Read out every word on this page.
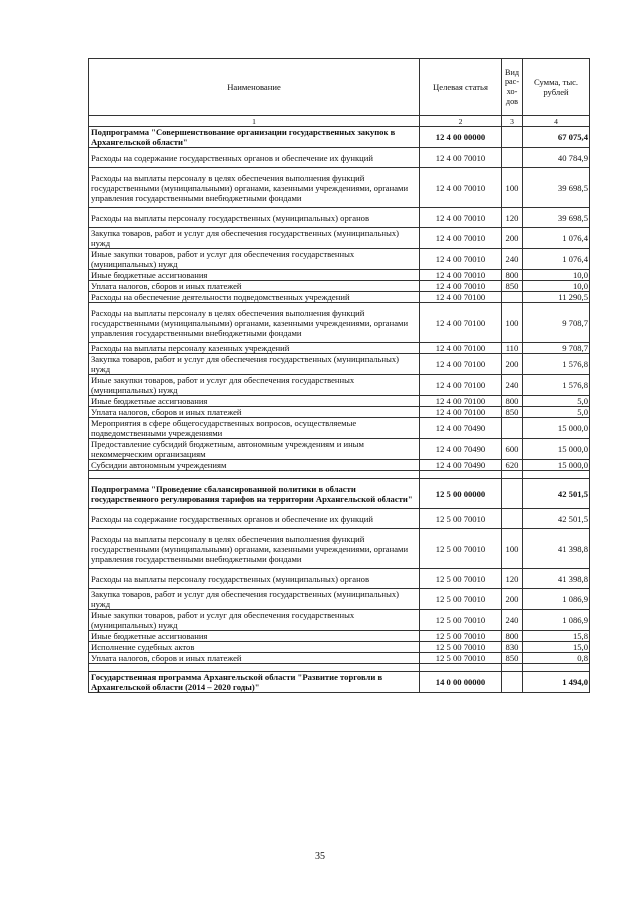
Наименование	Целевая статья	Вид рас-хо-дов	Сумма, тыс. рублей
1	2	3	4
Подпрограмма "Совершенствование организации государственных закупок в Архангельской области"	12 4 00 00000		67 075,4
Расходы на содержание государственных органов и обеспечение их функций	12 4 00 70010		40 784,9
Расходы на выплаты персоналу в целях обеспечения выполнения функций государственными (муниципальными) органами, казенными учреждениями, органами управления государственными внебюджетными фондами	12 4 00 70010	100	39 698,5
Расходы на выплаты персоналу государственных (муниципальных) органов	12 4 00 70010	120	39 698,5
Закупка товаров, работ и услуг для обеспечения государственных (муниципальных) нужд	12 4 00 70010	200	1 076,4
Иные закупки товаров, работ и услуг для обеспечения государственных (муниципальных) нужд	12 4 00 70010	240	1 076,4
Иные бюджетные ассигнования	12 4 00 70010	800	10,0
Уплата налогов, сборов и иных платежей	12 4 00 70010	850	10,0
Расходы на обеспечение деятельности подведомственных учреждений	12 4 00 70100		11 290,5
Расходы на выплаты персоналу в целях обеспечения выполнения функций государственными (муниципальными) органами, казенными учреждениями, органами управления государственными внебюджетными фондами	12 4 00 70100	100	9 708,7
Расходы на выплаты персоналу казенных учреждений	12 4 00 70100	110	9 708,7
Закупка товаров, работ и услуг для обеспечения государственных (муниципальных) нужд	12 4 00 70100	200	1 576,8
Иные закупки товаров, работ и услуг для обеспечения государственных (муниципальных) нужд	12 4 00 70100	240	1 576,8
Иные бюджетные ассигнования	12 4 00 70100	800	5,0
Уплата налогов, сборов и иных платежей	12 4 00 70100	850	5,0
Мероприятия в сфере общегосударственных вопросов, осуществляемые подведомственными учреждениями	12 4 00 70490		15 000,0
Предоставление субсидий бюджетным, автономным учреждениям и иным некоммерческим организациям	12 4 00 70490	600	15 000,0
Субсидии автономным учреждениям	12 4 00 70490	620	15 000,0

Подпрограмма "Проведение сбалансированной политики в области государственного регулирования тарифов на территории Архангельской области"	12 5 00 00000		42 501,5
Расходы на содержание государственных органов и обеспечение их функций	12 5 00 70010		42 501,5
Расходы на выплаты персоналу в целях обеспечения выполнения функций государственными (муниципальными) органами, казенными учреждениями, органами управления государственными внебюджетными фондами	12 5 00 70010	100	41 398,8
Расходы на выплаты персоналу государственных (муниципальных) органов	12 5 00 70010	120	41 398,8
Закупка товаров, работ и услуг для обеспечения государственных (муниципальных) нужд	12 5 00 70010	200	1 086,9
Иные закупки товаров, работ и услуг для обеспечения государственных (муниципальных) нужд	12 5 00 70010	240	1 086,9
Иные бюджетные ассигнования	12 5 00 70010	800	15,8
Исполнение судебных актов	12 5 00 70010	830	15,0
Уплата налогов, сборов и иных платежей	12 5 00 70010	850	0,8

Государственная программа Архангельской области "Развитие торговли в Архангельской области (2014 – 2020 годы)"	14 0 00 00000		1 494,0
35
